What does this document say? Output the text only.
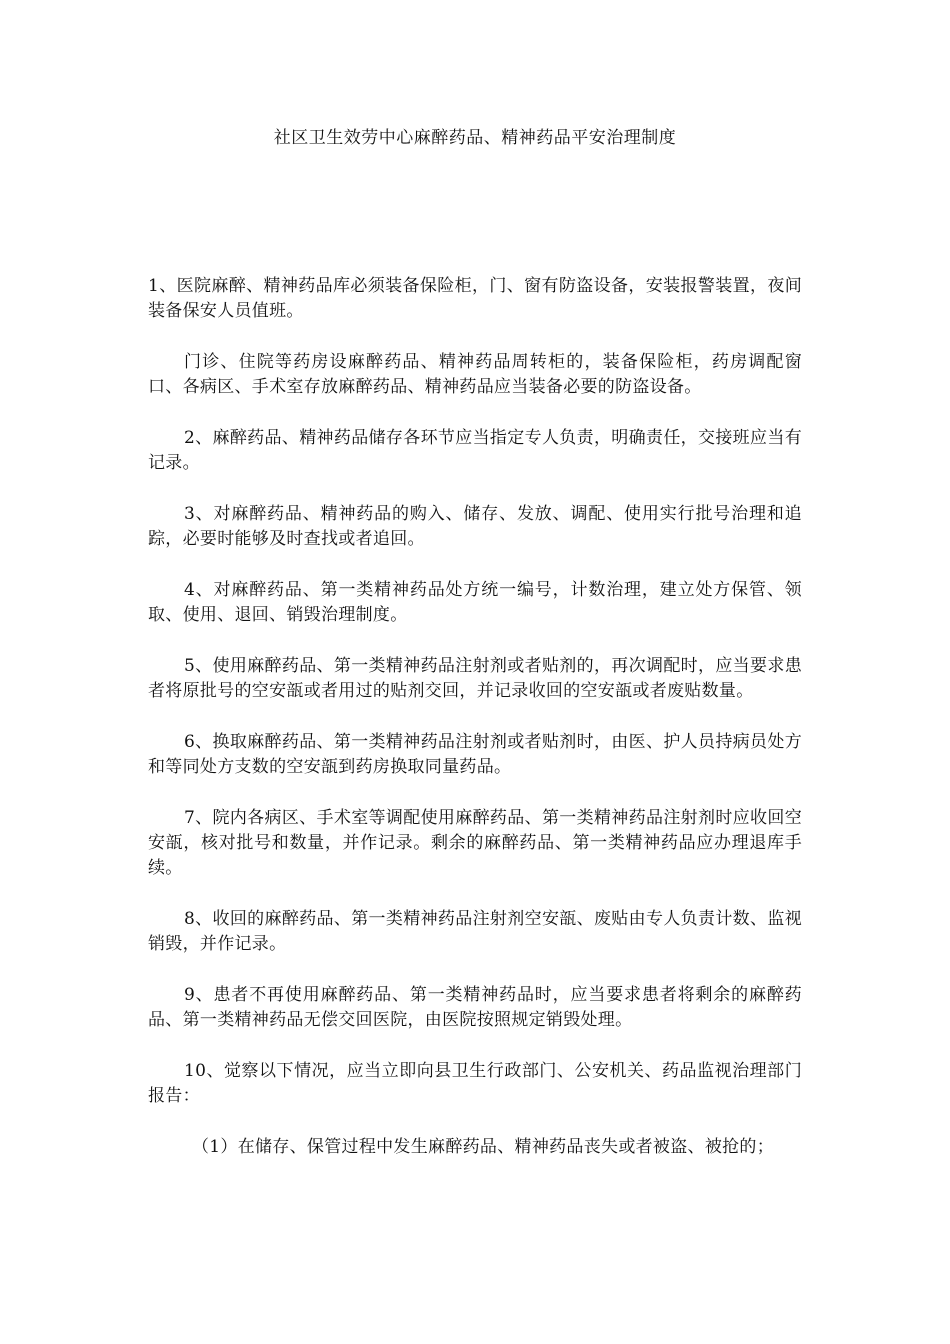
社区卫生效劳中心麻醉药品、精神药品平安治理制度

1、医院麻醉、精神药品库必须装备保险柜，门、窗有防盗设备，安装报警装置，夜间装备保安人员值班。

门诊、住院等药房设麻醉药品、精神药品周转柜的，装备保险柜，药房调配窗口、各病区、手术室存放麻醉药品、精神药品应当装备必要的防盗设备。

2、麻醉药品、精神药品储存各环节应当指定专人负责，明确责任，交接班应当有记录。

3、对麻醉药品、精神药品的购入、储存、发放、调配、使用实行批号治理和追踪，必要时能够及时查找或者追回。

4、对麻醉药品、第一类精神药品处方统一编号，计数治理，建立处方保管、领取、使用、退回、销毁治理制度。

5、使用麻醉药品、第一类精神药品注射剂或者贴剂的，再次调配时，应当要求患者将原批号的空安瓿或者用过的贴剂交回，并记录收回的空安瓿或者废贴数量。

6、换取麻醉药品、第一类精神药品注射剂或者贴剂时，由医、护人员持病员处方和等同处方支数的空安瓿到药房换取同量药品。

7、院内各病区、手术室等调配使用麻醉药品、第一类精神药品注射剂时应收回空安瓿，核对批号和数量，并作记录。剩余的麻醉药品、第一类精神药品应办理退库手续。

8、收回的麻醉药品、第一类精神药品注射剂空安瓿、废贴由专人负责计数、监视销毁，并作记录。

9、患者不再使用麻醉药品、第一类精神药品时，应当要求患者将剩余的麻醉药品、第一类精神药品无偿交回医院，由医院按照规定销毁处理。

10、觉察以下情况，应当立即向县卫生行政部门、公安机关、药品监视治理部门报告：

（1）在储存、保管过程中发生麻醉药品、精神药品丧失或者被盗、被抢的；
